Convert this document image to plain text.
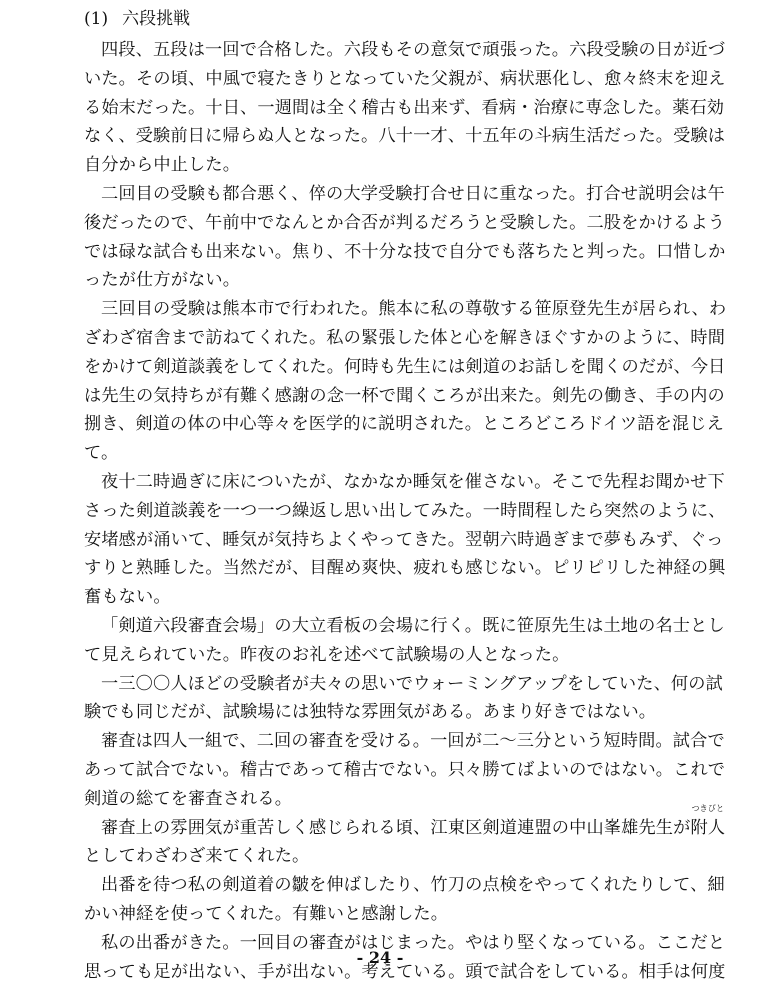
(1) 六段挑戦
四段、五段は一回で合格した。六段もその意気で頑張った。六段受験の日が近づ
いた。その頃、中風で寝たきりとなっていた父親が、病状悪化し、愈々終末を迎え
る始末だった。十日、一週間は全く稽古も出来ず、看病・治療に専念した。薬石効
なく、受験前日に帰らぬ人となった。八十一才、十五年の斗病生活だった。受験は
自分から中止した。
二回目の受験も都合悪く、倅の大学受験打合せ日に重なった。打合せ説明会は午
後だったので、午前中でなんとか合否が判るだろうと受験した。二股をかけるよう
では碌な試合も出来ない。焦り、不十分な技で自分でも落ちたと判った。口惜しか
ったが仕方がない。
三回目の受験は熊本市で行われた。熊本に私の尊敬する笹原登先生が居られ、わ
ざわざ宿舎まで訪ねてくれた。私の緊張した体と心を解きほぐすかのように、時間
をかけて剣道談義をしてくれた。何時も先生には剣道のお話しを聞くのだが、今日
は先生の気持ちが有難く感謝の念一杯で聞くころが出来た。剣先の働き、手の内の
捌き、剣道の体の中心等々を医学的に説明された。ところどころドイツ語を混じえ
て。
夜十二時過ぎに床についたが、なかなか睡気を催さない。そこで先程お聞かせ下
さった剣道談義を一つ一つ繰返し思い出してみた。一時間程したら突然のように、
安堵感が涌いて、睡気が気持ちよくやってきた。翌朝六時過ぎまで夢もみず、ぐっ
すりと熟睡した。当然だが、目醒め爽快、疲れも感じない。ピリピリした神経の興
奮もない。
「剣道六段審査会場」の大立看板の会場に行く。既に笹原先生は土地の名士とし
て見えられていた。昨夜のお礼を述べて試験場の人となった。
一三〇〇人ほどの受験者が夫々の思いでウォーミングアップをしていた、何の試
験でも同じだが、試験場には独特な雰囲気がある。あまり好きではない。
審査は四人一組で、二回の審査を受ける。一回が二〜三分という短時間。試合で
あって試合でない。稽古であって稽古でない。只々勝てばよいのではない。これで
剣道の総てを審査される。
審査上の雰囲気が重苦しく感じられる頃、江東区剣道連盟の中山峯雄先生が
つきびと
附人
としてわざわざ来てくれた。
出番を待つ私の剣道着の皺を伸ばしたり、竹刀の点検をやってくれたりして、細
かい神経を使ってくれた。有難いと感謝した。
私の出番がきた。一回目の審査がはじまった。やはり堅くなっている。ここだと
思っても足が出ない、手が出ない。考えている。頭で試合をしている。相手は何度
- 24 -
